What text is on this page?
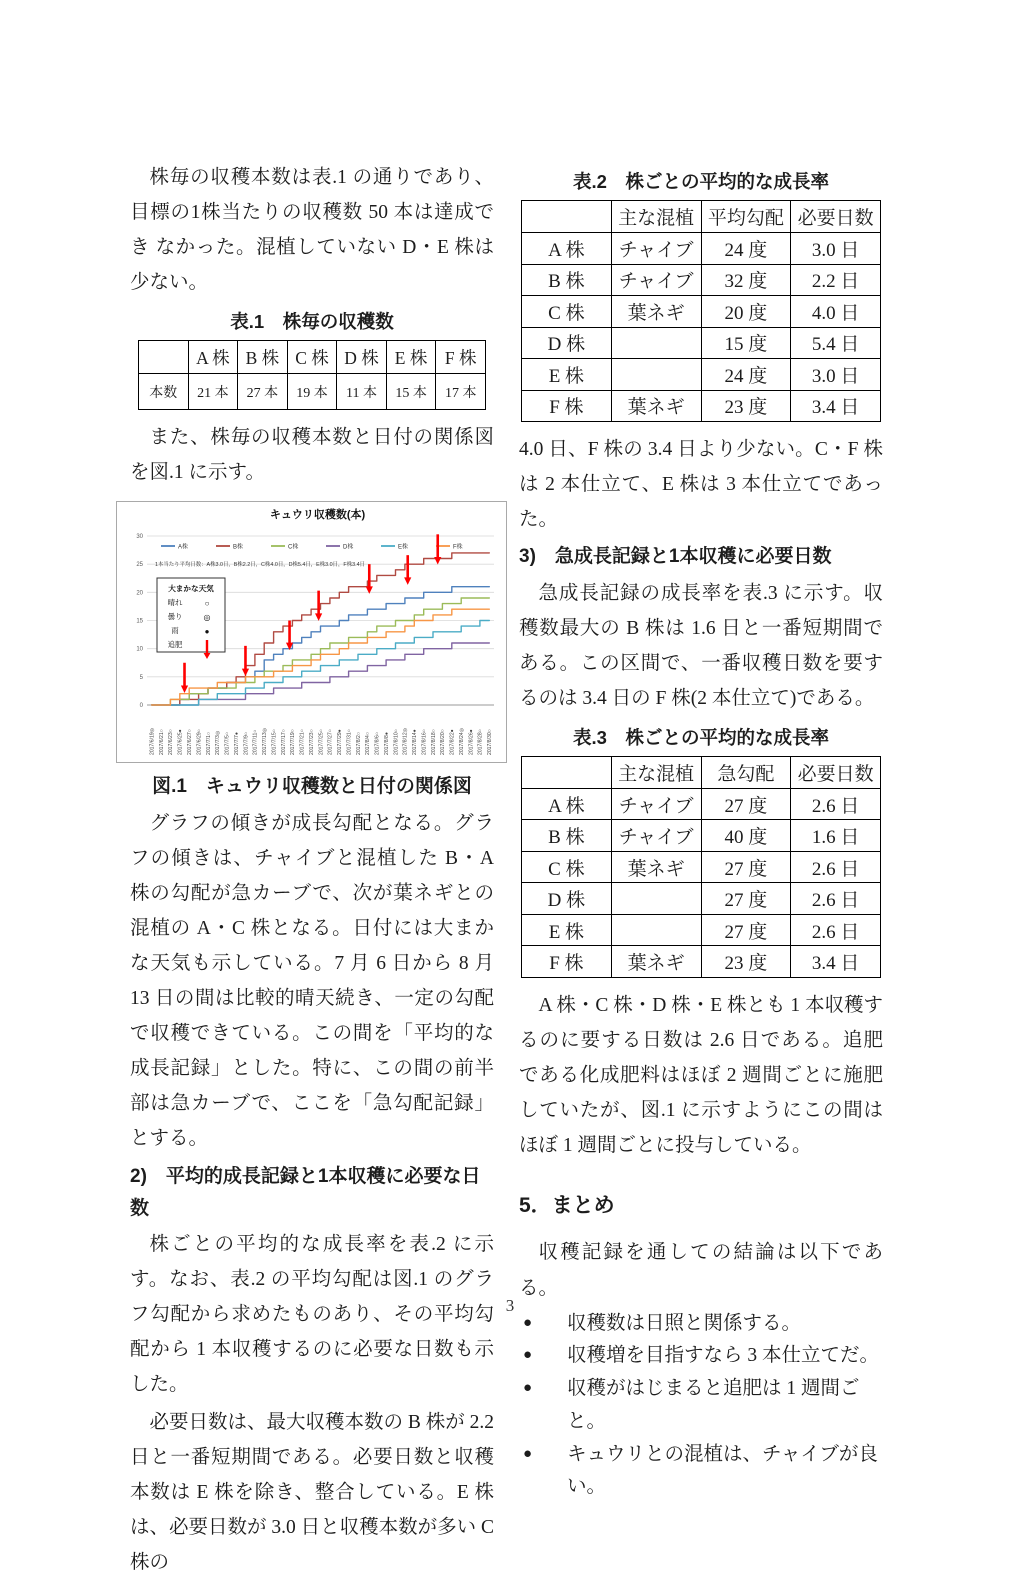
株毎の収穫本数は表.1 の通りであり、目標の1株当たりの収穫数 50 本は達成でき なかった。混植していない D・E 株は少ない。

表.1　株毎の収穫数
	A 株	B 株	C 株	D 株	E 株	F 株
本数	21 本	27 本	19 本	11 本	15 本	17 本

また、株毎の収穫本数と日付の関係図を図.1 に示す。

0
5
10
15
20
25
30
キュウリ収穫数(本)
A株	B株	C株	D株	E株	F株
1本当たり平均日数：A株3.0日，B株2.2日，C株4.0日，D株5.4日，E株3.0日，F株3.4日
大まかな天気
晴れ	○
曇り	◎
雨	●
追肥
2017/6/19◎ 2017/6/21○ 2017/6/23○ 2017/6/25● 2017/6/27○ 2017/6/29○ 2017/7/1○ 2017/7/3◎ 2017/7/5○ 2017/7/7● 2017/7/9○ 2017/7/11○ 2017/7/13◎ 2017/7/15○ 2017/7/17○ 2017/7/19○ 2017/7/21○ 2017/7/23○ 2017/7/25○ 2017/7/27○ 2017/7/29● 2017/7/31○ 2017/8/2○ 2017/8/4○ 2017/8/6○ 2017/8/8● 2017/8/10○ 2017/8/12◎ 2017/8/14● 2017/8/16○ 2017/8/18○ 2017/8/20○ 2017/8/22● 2017/8/24◎ 2017/8/26● 2017/8/28○ 2017/8/30○
図.1　キュウリ収穫数と日付の関係図

グラフの傾きが成長勾配となる。グラフの傾きは、チャイブと混植した B・A 株の勾配が急カーブで、次が葉ネギとの混植の A・C 株となる。日付には大まかな天気も示している。7 月 6 日から 8 月 13 日の間は比較的晴天続き、一定の勾配で収穫できている。この間を「平均的な成長記録」とした。特に、この間の前半部は急カーブで、ここを「急勾配記録」とする。

2)　平均的成長記録と1本収穫に必要な日数

株ごとの平均的な成長率を表.2 に示す。なお、表.2 の平均勾配は図.1 のグラフ勾配から求めたものあり、その平均勾配から 1 本収穫するのに必要な日数も示した。

必要日数は、最大収穫本数の B 株が 2.2 日と一番短期間である。必要日数と収穫本数は E 株を除き、整合している。E 株は、必要日数が 3.0 日と収穫本数が多い C 株の

表.2　株ごとの平均的な成長率
	主な混植	平均勾配	必要日数
A 株	チャイブ	24 度	3.0 日
B 株	チャイブ	32 度	2.2 日
C 株	葉ネギ	20 度	4.0 日
D 株		15 度	5.4 日
E 株		24 度	3.0 日
F 株	葉ネギ	23 度	3.4 日

4.0 日、F 株の 3.4 日より少ない。C・F 株は 2 本仕立て、E 株は 3 本仕立てであった。

3)　急成長記録と1本収穫に必要日数

急成長記録の成長率を表.3 に示す。収穫数最大の B 株は 1.6 日と一番短期間である。この区間で、一番収穫日数を要するのは 3.4 日の F 株(2 本仕立て)である。

表.3　株ごとの平均的な成長率
	主な混植	急勾配	必要日数
A 株	チャイブ	27 度	2.6 日
B 株	チャイブ	40 度	1.6 日
C 株	葉ネギ	27 度	2.6 日
D 株		27 度	2.6 日
E 株		27 度	2.6 日
F 株	葉ネギ	23 度	3.4 日

A 株・C 株・D 株・E 株とも 1 本収穫するのに要する日数は 2.6 日である。追肥である化成肥料はほぼ 2 週間ごとに施肥していたが、図.1 に示すようにこの間はほぼ 1 週間ごとに投与している。

5．まとめ

収穫記録を通しての結論は以下である。

●	収穫数は日照と関係する。
●	収穫増を目指すなら 3 本仕立てだ。
●	収穫がはじまると追肥は 1 週間ごと。
●	キュウリとの混植は、チャイブが良い。
3
